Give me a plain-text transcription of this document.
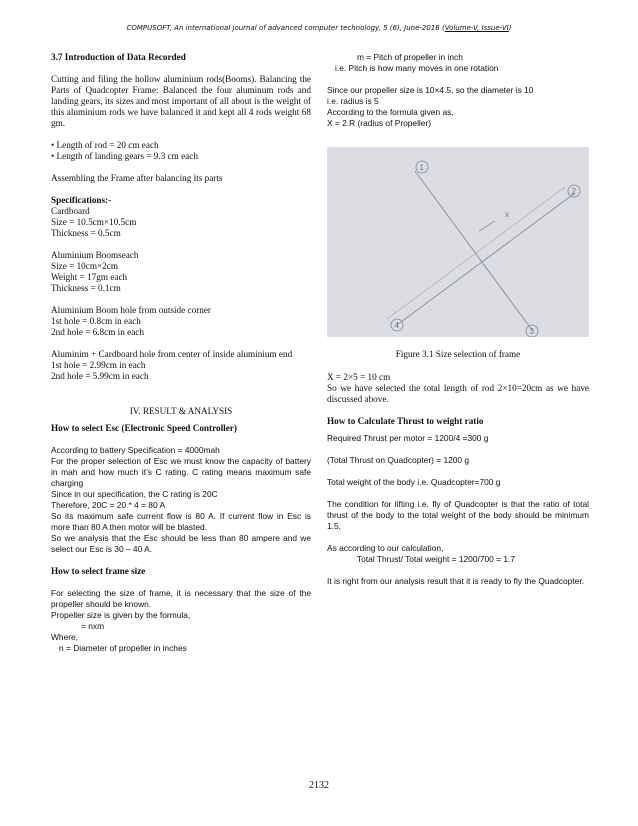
COMPUSOFT, An international journal of advanced computer technology, 5 (6), June-2016 (Volume-V, Issue-VI)

3.7 Introduction of Data Recorded

Cutting and filing the hollow aluminium rods(Booms). Balancing the Parts of Quadcopter Frame: Balanced the four aluminum rods and landing gears, its sizes and most important of all about is the weight of this aluminium rods we have balanced it and kept all 4 rods weight 68 gm.

• Length of rod = 20 cm each

• Length of landing gears = 9.3 cm each

Assembling the Frame after balancing its parts

Specifications:-

Cardboard

Size = 10.5cm×10.5cm

Thickness = 0.5cm

Aluminium Boomseach

Size = 10cm×2cm

Weight = 17gm each

Thickness = 0.1cm

Aluminium Boom hole from outside corner

1st hole = 0.8cm in each

2nd hole = 6.8cm in each

Aluminim + Cardboard hole from center of inside aluminium end

1st hole = 2.99cm in each

2nd hole = 5.99cm in each

IV. RESULT & ANALYSIS

How to select Esc (Electronic Speed Controller)

According to battery Specification = 4000mah

For the proper selection of Esc we must know the capacity of battery in mah and how much it’s C rating. C rating means maximum safe charging

Since in our specification, the C rating is 20C

Therefore, 20C = 20 * 4 = 80 A

So its maximum safe current flow is 80 A. If current flow in Esc is more than 80 A then motor will be blasted.

So we analysis that the Esc should be less than 80 ampere and we select our Esc is 30 – 40 A.

How to select frame size

For selecting the size of frame, it is necessary that the size of the propeller should be known.

Propeller size is given by the formula,

= nxm

Where,

n = Diameter of propeller in inches

m = Pitch of propeller in inch

i.e. Pitch is how many moves in one rotation

Since our propeller size is 10×4.5, so the diameter is 10

i.e. radius is 5

According to the formula given as,

X = 2.R (radius of Propeller)

1
2
3
4
x

Figure 3.1 Size selection of frame

X = 2×5 = 10 cm

So we have selected the total length of rod 2×10=20cm as we have discussed above.

How to Calculate Thrust to weight ratio

Required Thrust per motor = 1200/4 =300 g

(Total Thrust on Quadcopter) = 1200 g

Total weight of the body i.e. Quadcopter=700 g

The condition for lifting i.e. fly of Quadcopter is that the ratio of total thrust of the body to the total weight of the body should be minimum 1.5,

As according to our calculation,

Total Thrust/ Total weight = 1200/700 = 1.7

It is right from our analysis result that it is ready to fly the Quadcopter.

2132
